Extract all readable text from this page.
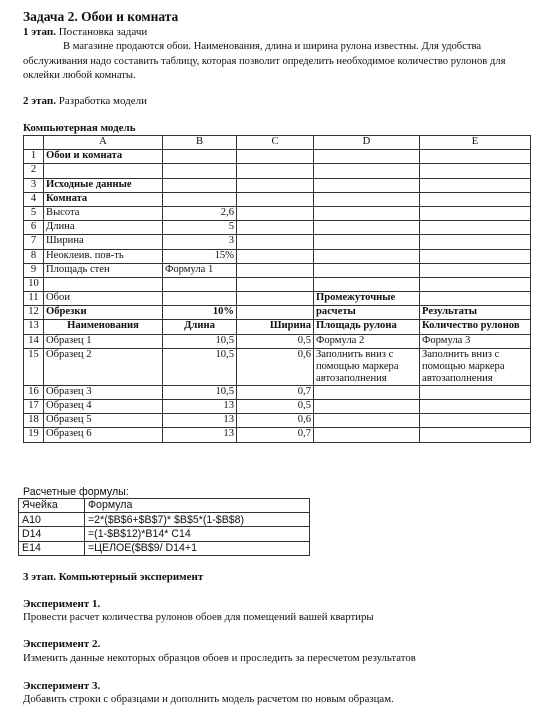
Задача 2. Обои и комната
1 этап. Постановка задачи
В магазине продаются обои. Наименования, длина и ширина рулона известны. Для удобства обслуживания надо составить таблицу, которая позволит определить необходимое количество рулонов для оклейки любой комнаты.
2 этап. Разработка модели
Компьютерная модель
	A	B	C	D	E
1	Обои и комната				
2					
3	Исходные данные				
4	Комната				
5	Высота	2,6			
6	Длина	5			
7	Ширина	3			
8	Неоклеив. пов-ть	15%			
9	Площадь стен	Формула 1			
10					
11	Обои			Промежуточные	
12	Обрезки	10%		расчеты	Результаты
13	Наименования	Длина	Ширина	Площадь рулона	Количество рулонов
14	Образец 1	10,5	0,5	Формула 2	Формула 3
15	Образец 2	10,5	0,6	Заполнить вниз с помощью маркера автозаполнения	Заполнить вниз с помощью маркера автозаполнения
16	Образец 3	10,5	0,7		
17	Образец 4	13	0,5		
18	Образец 5	13	0,6		
19	Образец 6	13	0,7		
Расчетные формулы:
Ячейка	Формула
A10	=2*($B$6+$B$7)* $B$5*(1-$B$8)
D14	=(1-$B$12)*B14* C14
E14	=ЦЕЛОЕ($B$9/ D14+1
3 этап. Компьютерный эксперимент
Эксперимент 1.
Провести расчет количества рулонов обоев для помещений вашей квартиры
Эксперимент 2.
Изменить данные некоторых образцов обоев и проследить за пересчетом результатов
Эксперимент 3.
Добавить строки с образцами и дополнить модель расчетом по новым образцам.
